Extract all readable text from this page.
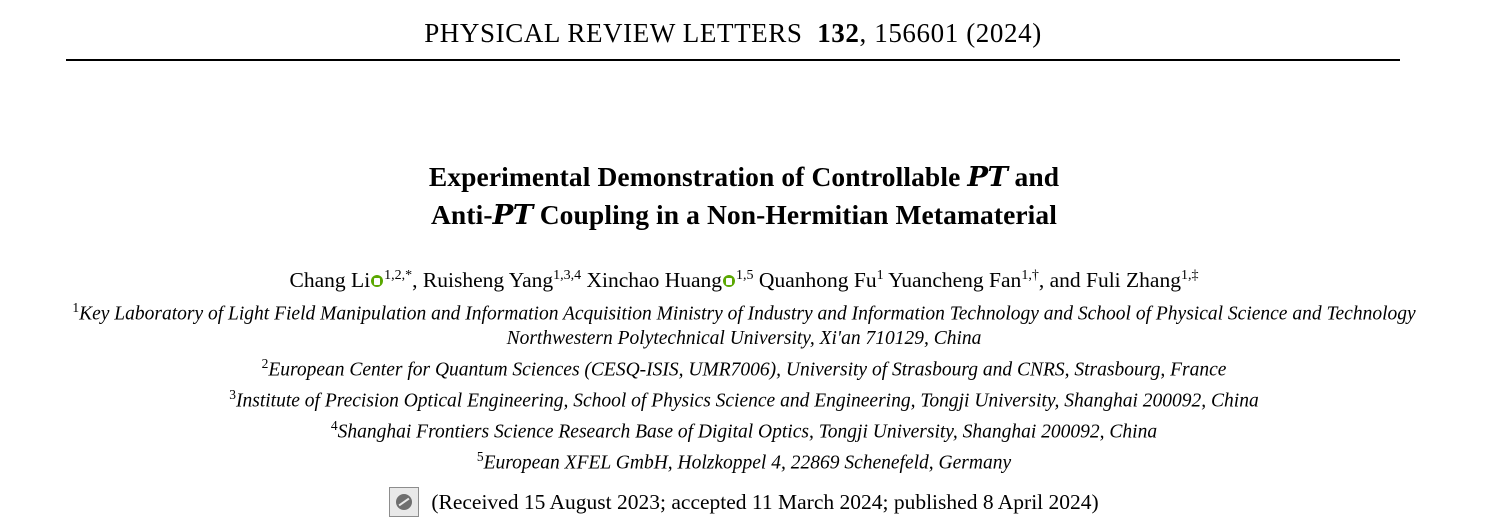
PHYSICAL REVIEW LETTERS 132, 156601 (2024)
Experimental Demonstration of Controllable PT and
Anti-PT Coupling in a Non-Hermitian Metamaterial
Chang Li $^{1,2,*}$, Ruisheng Yang$^{1,3,4}$ Xinchao Huang $^{1,5}$ Quanhong Fu$^1$ Yuancheng Fan$^{1,\dagger}$, and Fuli Zhang$^{1,\ddagger}$
$^1$Key Laboratory of Light Field Manipulation and Information Acquisition Ministry of Industry and Information Technology and School of Physical Science and Technology Northwestern Polytechnical University, Xi'an 710129, China
$^2$European Center for Quantum Sciences (CESQ-ISIS, UMR7006), University of Strasbourg and CNRS, Strasbourg, France
$^3$Institute of Precision Optical Engineering, School of Physics Science and Engineering, Tongji University, Shanghai 200092, China
$^4$Shanghai Frontiers Science Research Base of Digital Optics, Tongji University, Shanghai 200092, China
$^5$European XFEL GmbH, Holzkoppel 4, 22869 Schenefeld, Germany
(Received 15 August 2023; accepted 11 March 2024; published 8 April 2024)
